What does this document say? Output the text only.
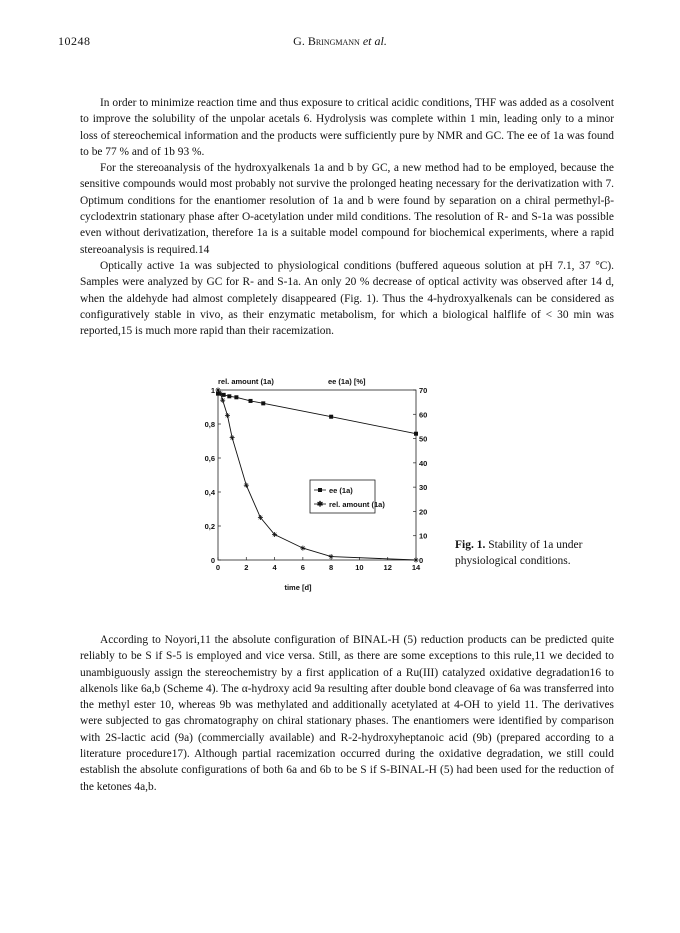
10248	G. Bringmann et al.

In order to minimize reaction time and thus exposure to critical acidic conditions, THF was added as a cosolvent to improve the solubility of the unpolar acetals 6. Hydrolysis was complete within 1 min, leading only to a minor loss of stereochemical information and the products were sufficiently pure by NMR and GC. The ee of 1a was found to be 77 % and of 1b 93 %.

For the stereoanalysis of the hydroxyalkenals 1a and b by GC, a new method had to be employed, because the sensitive compounds would most probably not survive the prolonged heating necessary for the derivatization with 7. Optimum conditions for the enantiomer resolution of 1a and b were found by separation on a chiral permethyl-β-cyclodextrin stationary phase after O-acetylation under mild conditions. The resolution of R- and S-1a was possible even without derivatization, therefore 1a is a suitable model compound for biochemical experiments, where a rapid stereoanalysis is required.14

Optically active 1a was subjected to physiological conditions (buffered aqueous solution at pH 7.1, 37 °C). Samples were analyzed by GC for R- and S-1a. An only 20 % decrease of optical activity was observed after 14 d, when the aldehyde had almost completely disappeared (Fig. 1). Thus the 4-hydroxyalkenals can be considered as configuratively stable in vivo, as their enzymatic metabolism, for which a biological halflife of < 30 min was reported,15 is much more rapid than their racemization.

rel. amount (1a)	ee (1a) [%]
time [d]
0	2	4	6	8	10	12	14
0
0,2
0,4
0,6
0,8
1
0
10
20
30
40
50
60
70
ee (1a)
✱ rel. amount (1a)
Fig. 1. Stability of 1a under physiological conditions.

According to Noyori,11 the absolute configuration of BINAL-H (5) reduction products can be predicted quite reliably to be S if S-5 is employed and vice versa. Still, as there are some exceptions to this rule,11 we decided to unambiguously assign the stereochemistry by a first application of a Ru(III) catalyzed oxidative degradation16 to alkenols like 6a,b (Scheme 4). The α-hydroxy acid 9a resulting after double bond cleavage of 6a was transferred into the methyl ester 10, whereas 9b was methylated and additionally acetylated at 4-OH to yield 11. The derivatives were subjected to gas chromatography on chiral stationary phases. The enantiomers were identified by comparison with 2S-lactic acid (9a) (commercially available) and R-2-hydroxyheptanoic acid (9b) (prepared according to a literature procedure17). Although partial racemization occurred during the oxidative degradation, we still could establish the absolute configurations of both 6a and 6b to be S if S-BINAL-H (5) had been used for the reduction of the ketones 4a,b.
